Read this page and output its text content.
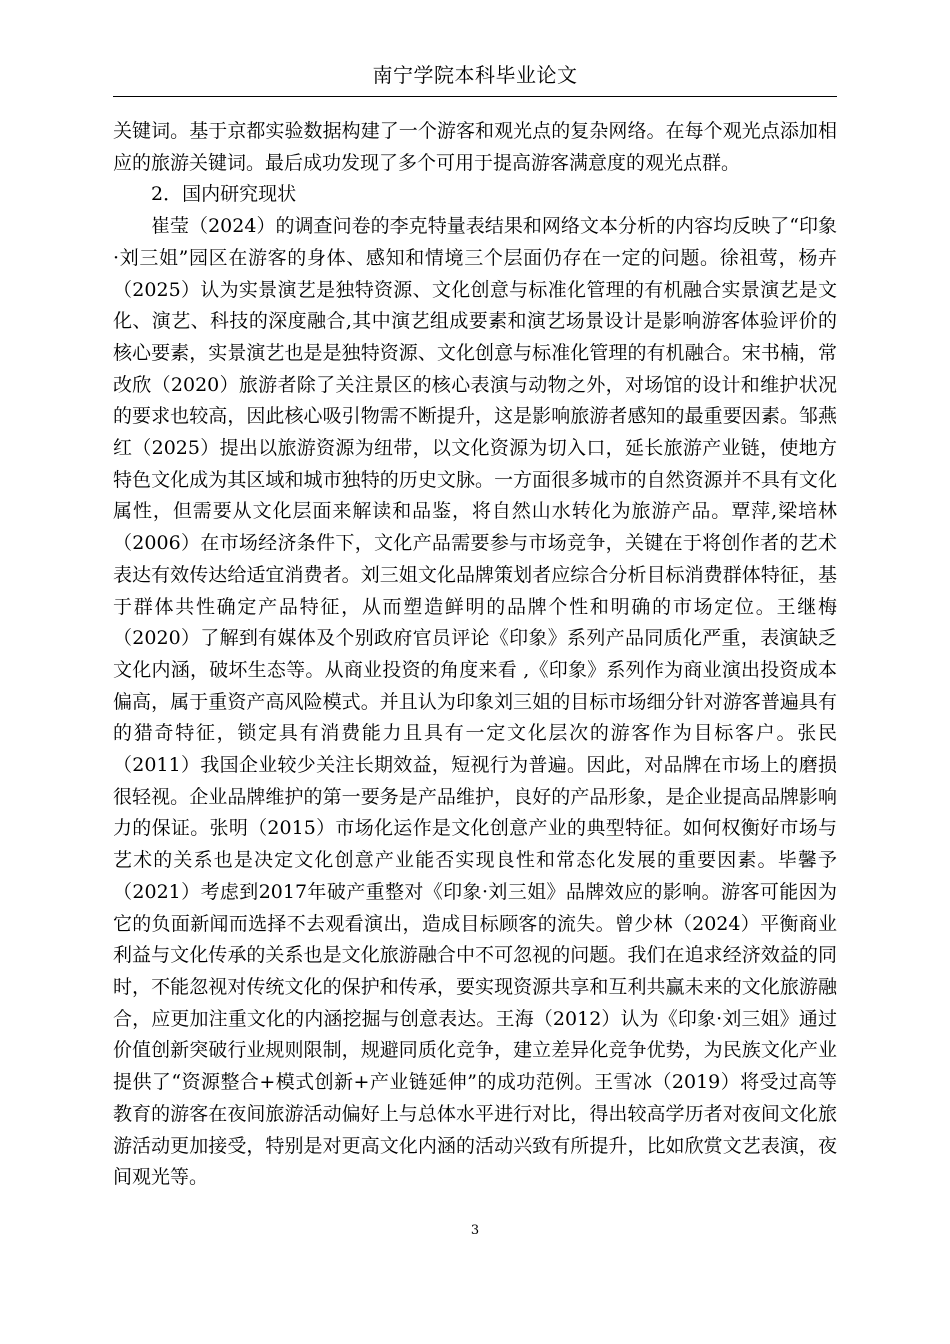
南宁学院本科毕业论文

关键词。基于京都实验数据构建了一个游客和观光点的复杂网络。在每个观光点添加相应的旅游关键词。最后成功发现了多个可用于提高游客满意度的观光点群。

2．国内研究现状

崔莹（2024）的调查问卷的李克特量表结果和网络文本分析的内容均反映了“印象·刘三姐”园区在游客的身体、感知和情境三个层面仍存在一定的问题。徐祖莺，杨卉（2025）认为实景演艺是独特资源、文化创意与标准化管理的有机融合实景演艺是文化、演艺、科技的深度融合,其中演艺组成要素和演艺场景设计是影响游客体验评价的核心要素，实景演艺也是是独特资源、文化创意与标准化管理的有机融合。宋书楠，常改欣（2020）旅游者除了关注景区的核心表演与动物之外，对场馆的设计和维护状况的要求也较高，因此核心吸引物需不断提升，这是影响旅游者感知的最重要因素。邹燕红（2025）提出以旅游资源为纽带，以文化资源为切入口，延长旅游产业链，使地方特色文化成为其区域和城市独特的历史文脉。一方面很多城市的自然资源并不具有文化属性，但需要从文化层面来解读和品鉴，将自然山水转化为旅游产品。覃萍,梁培林（2006）在市场经济条件下，文化产品需要参与市场竞争，关键在于将创作者的艺术表达有效传达给适宜消费者。刘三姐文化品牌策划者应综合分析目标消费群体特征，基于群体共性确定产品特征，从而塑造鲜明的品牌个性和明确的市场定位。王继梅（2020）了解到有媒体及个别政府官员评论《印象》系列产品同质化严重，表演缺乏文化内涵，破坏生态等。从商业投资的角度来看 ,《印象》系列作为商业演出投资成本偏高，属于重资产高风险模式。并且认为印象刘三姐的目标市场细分针对游客普遍具有的猎奇特征，锁定具有消费能力且具有一定文化层次的游客作为目标客户。张民（2011）我国企业较少关注长期效益，短视行为普遍。因此，对品牌在市场上的磨损很轻视。企业品牌维护的第一要务是产品维护，良好的产品形象，是企业提高品牌影响力的保证。张明（2015）市场化运作是文化创意产业的典型特征。如何权衡好市场与艺术的关系也是决定文化创意产业能否实现良性和常态化发展的重要因素。毕馨予（2021）考虑到2017年破产重整对《印象·刘三姐》品牌效应的影响。游客可能因为它的负面新闻而选择不去观看演出，造成目标顾客的流失。曾少林（2024）平衡商业利益与文化传承的关系也是文化旅游融合中不可忽视的问题。我们在追求经济效益的同时，不能忽视对传统文化的保护和传承，要实现资源共享和互利共赢未来的文化旅游融合，应更加注重文化的内涵挖掘与创意表达。王海（2012）认为《印象·刘三姐》通过价值创新突破行业规则限制，规避同质化竞争，建立差异化竞争优势，为民族文化产业提供了“资源整合+模式创新+产业链延伸”的成功范例。王雪冰（2019）将受过高等教育的游客在夜间旅游活动偏好上与总体水平进行对比，得出较高学历者对夜间文化旅游活动更加接受，特别是对更高文化内涵的活动兴致有所提升，比如欣赏文艺表演，夜间观光等。

3
